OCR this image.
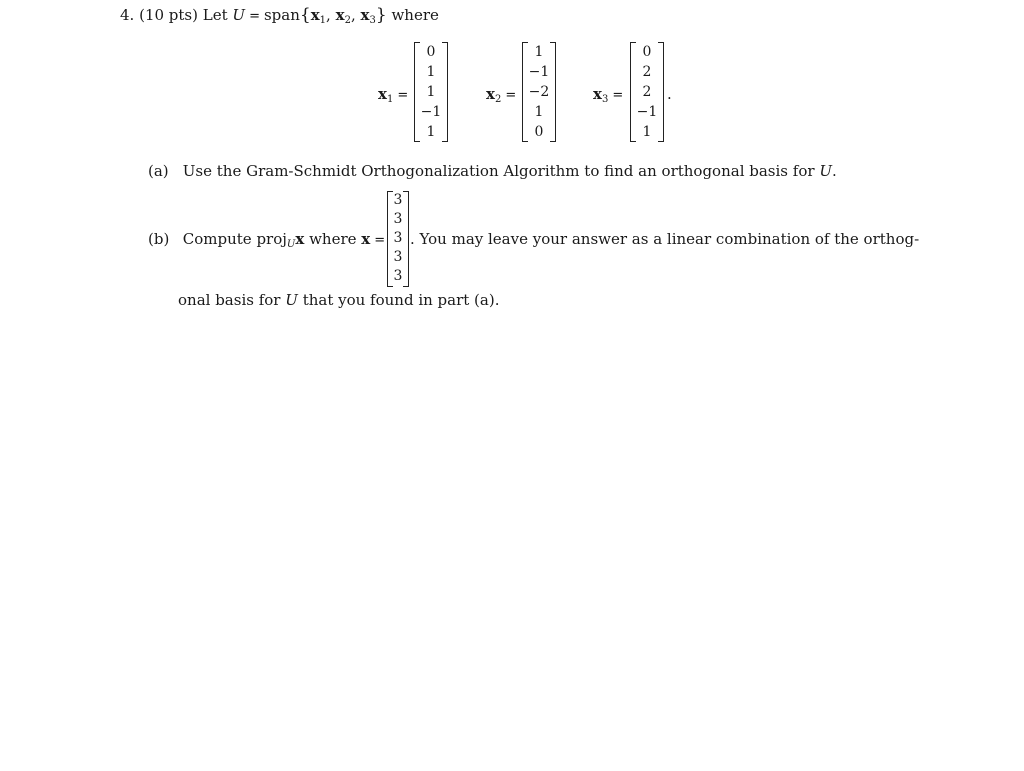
4. (10 pts) Let $U = span\{x_1$, $x_2$, $x_3$} where
$x_1$ =
0
1
1
−1
1
$x_2$ =
1
−1
−2
1
0
$x_3$ =
0
2
2
−1
1
.
(a) Use the Gram-Schmidt Orthogonalization Algorithm to find an orthogonal basis for U.
(b) Compute proj$_U$x where x =
3
3
3
3
3
. You may leave your answer as a linear combination of the orthog-
onal basis for U that you found in part (a).
